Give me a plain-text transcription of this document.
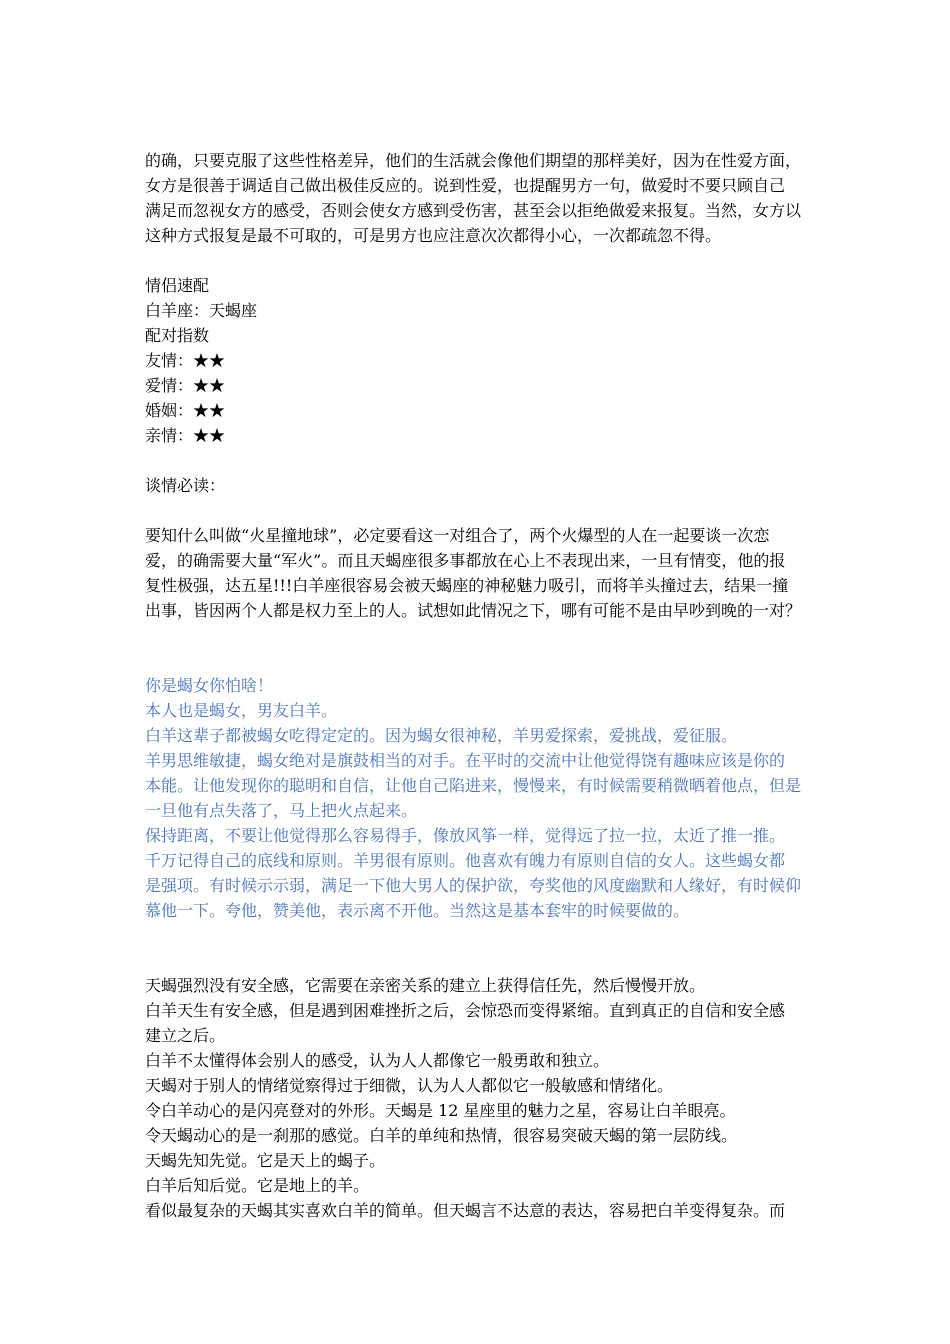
的确，只要克服了这些性格差异，他们的生活就会像他们期望的那样美好，因为在性爱方面，
女方是很善于调适自己做出极佳反应的。说到性爱，也提醒男方一句，做爱时不要只顾自己
满足而忽视女方的感受，否则会使女方感到受伤害，甚至会以拒绝做爱来报复。当然，女方以
这种方式报复是最不可取的，可是男方也应注意次次都得小心，一次都疏忽不得。
情侣速配
白羊座：天蝎座
配对指数
友情：★★
爱情：★★
婚姻：★★
亲情：★★
谈情必读：
要知什么叫做“火星撞地球”，必定要看这一对组合了，两个火爆型的人在一起要谈一次恋
爱，的确需要大量“军火”。而且天蝎座很多事都放在心上不表现出来，一旦有情变，他的报
复性极强，达五星!!!白羊座很容易会被天蝎座的神秘魅力吸引，而将羊头撞过去，结果一撞
出事，皆因两个人都是权力至上的人。试想如此情况之下，哪有可能不是由早吵到晚的一对？
你是蝎女你怕啥！
本人也是蝎女，男友白羊。
白羊这辈子都被蝎女吃得定定的。因为蝎女很神秘，羊男爱探索，爱挑战，爱征服。
羊男思维敏捷，蝎女绝对是旗鼓相当的对手。在平时的交流中让他觉得饶有趣味应该是你的
本能。让他发现你的聪明和自信，让他自己陷进来，慢慢来，有时候需要稍微晒着他点，但是
一旦他有点失落了，马上把火点起来。
保持距离，不要让他觉得那么容易得手，像放风筝一样，觉得远了拉一拉，太近了推一推。
千万记得自己的底线和原则。羊男很有原则。他喜欢有魄力有原则自信的女人。这些蝎女都
是强项。有时候示示弱，满足一下他大男人的保护欲，夸奖他的风度幽默和人缘好，有时候仰
慕他一下。夸他，赞美他，表示离不开他。当然这是基本套牢的时候要做的。
天蝎强烈没有安全感，它需要在亲密关系的建立上获得信任先，然后慢慢开放。
白羊天生有安全感，但是遇到困难挫折之后，会惊恐而变得紧缩。直到真正的自信和安全感
建立之后。
白羊不太懂得体会别人的感受，认为人人都像它一般勇敢和独立。
天蝎对于别人的情绪觉察得过于细微，认为人人都似它一般敏感和情绪化。
令白羊动心的是闪亮登对的外形。天蝎是 12 星座里的魅力之星，容易让白羊眼亮。
令天蝎动心的是一刹那的感觉。白羊的单纯和热情，很容易突破天蝎的第一层防线。
天蝎先知先觉。它是天上的蝎子。
白羊后知后觉。它是地上的羊。
看似最复杂的天蝎其实喜欢白羊的简单。但天蝎言不达意的表达，容易把白羊变得复杂。而
